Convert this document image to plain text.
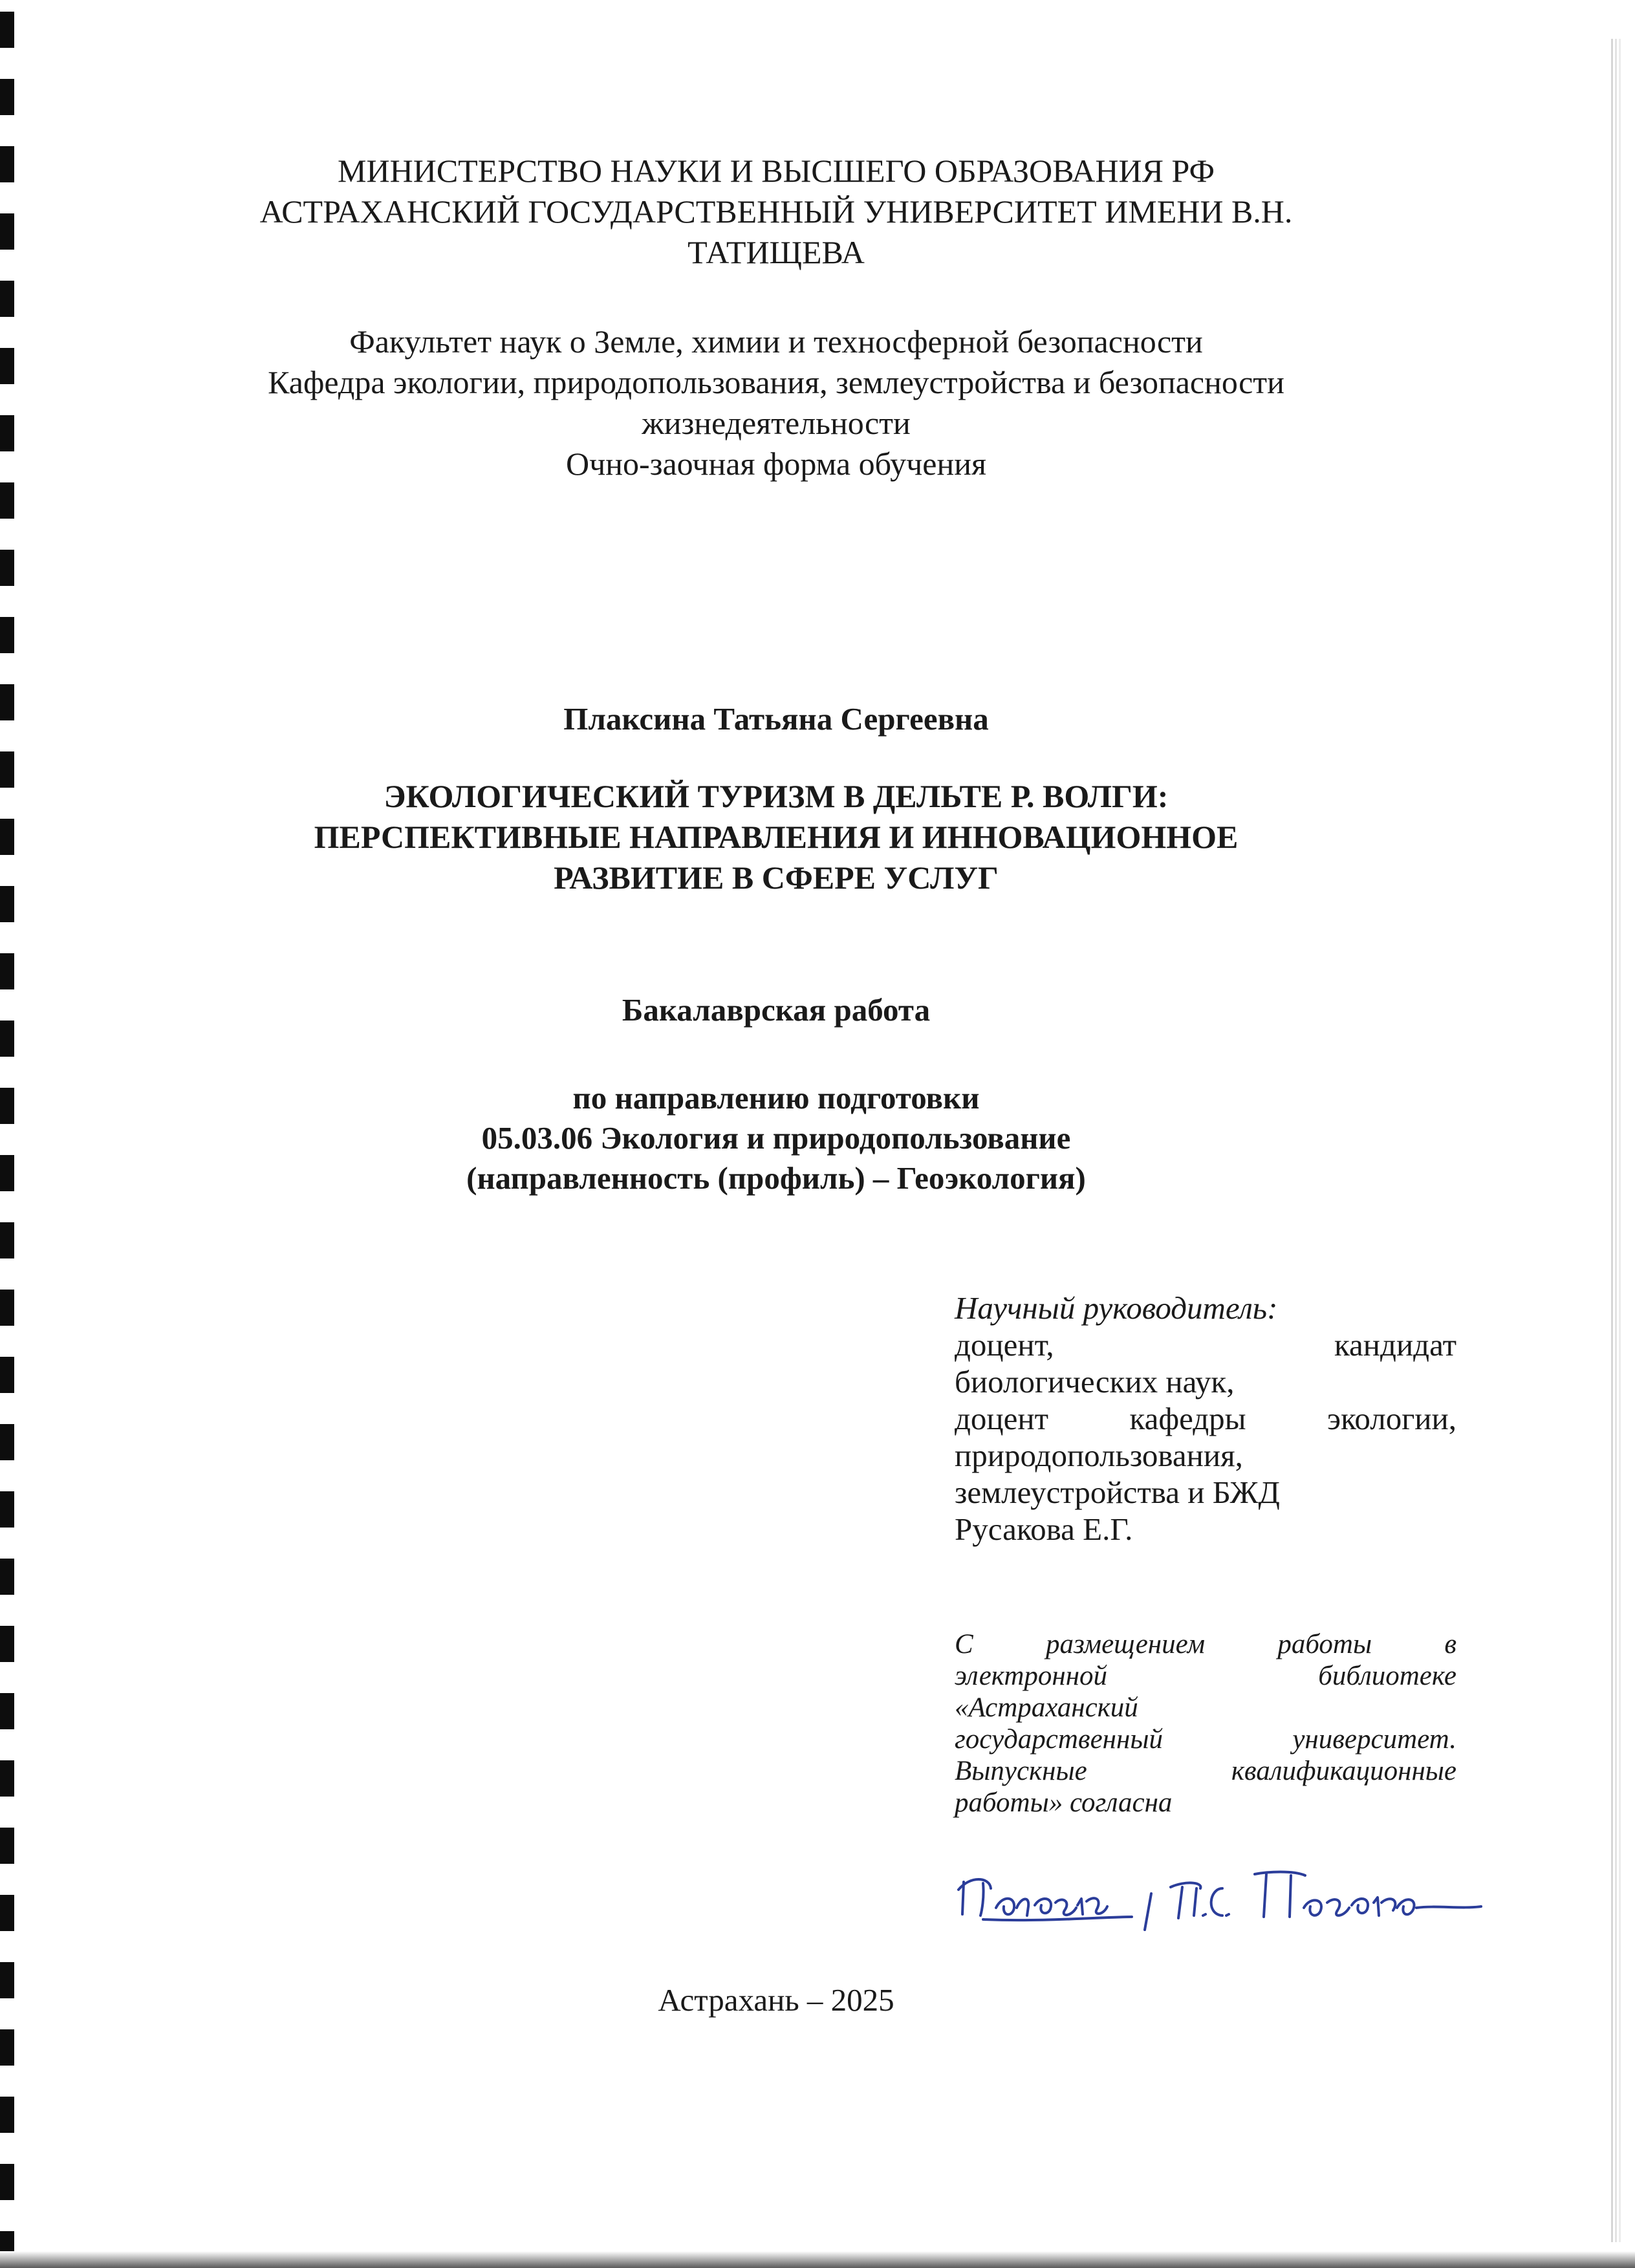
МИНИСТЕРСТВО НАУКИ И ВЫСШЕГО ОБРАЗОВАНИЯ РФ
АСТРАХАНСКИЙ ГОСУДАРСТВЕННЫЙ УНИВЕРСИТЕТ ИМЕНИ В.Н.
ТАТИЩЕВА
Факультет наук о Земле, химии и техносферной безопасности
Кафедра экологии, природопользования, землеустройства и безопасности
жизнедеятельности
Очно-заочная форма обучения
Плаксина Татьяна Сергеевна
ЭКОЛОГИЧЕСКИЙ ТУРИЗМ В ДЕЛЬТЕ Р. ВОЛГИ:
ПЕРСПЕКТИВНЫЕ НАПРАВЛЕНИЯ И ИННОВАЦИОННОЕ
РАЗВИТИЕ В СФЕРЕ УСЛУГ
Бакалаврская работа
по направлению подготовки
05.03.06 Экология и природопользование
(направленность (профиль) – Геоэкология)
Научный руководитель:
доцент,	кандидат
биологических наук,
доцент	кафедры	экологии,
природопользования,
землеустройства и БЖД
Русакова Е.Г.
С	размещением	работы	в
электронной	библиотеке
«Астраханский
государственный	университет.
Выпускные	квалификационные
работы» согласна
Астрахань – 2025
